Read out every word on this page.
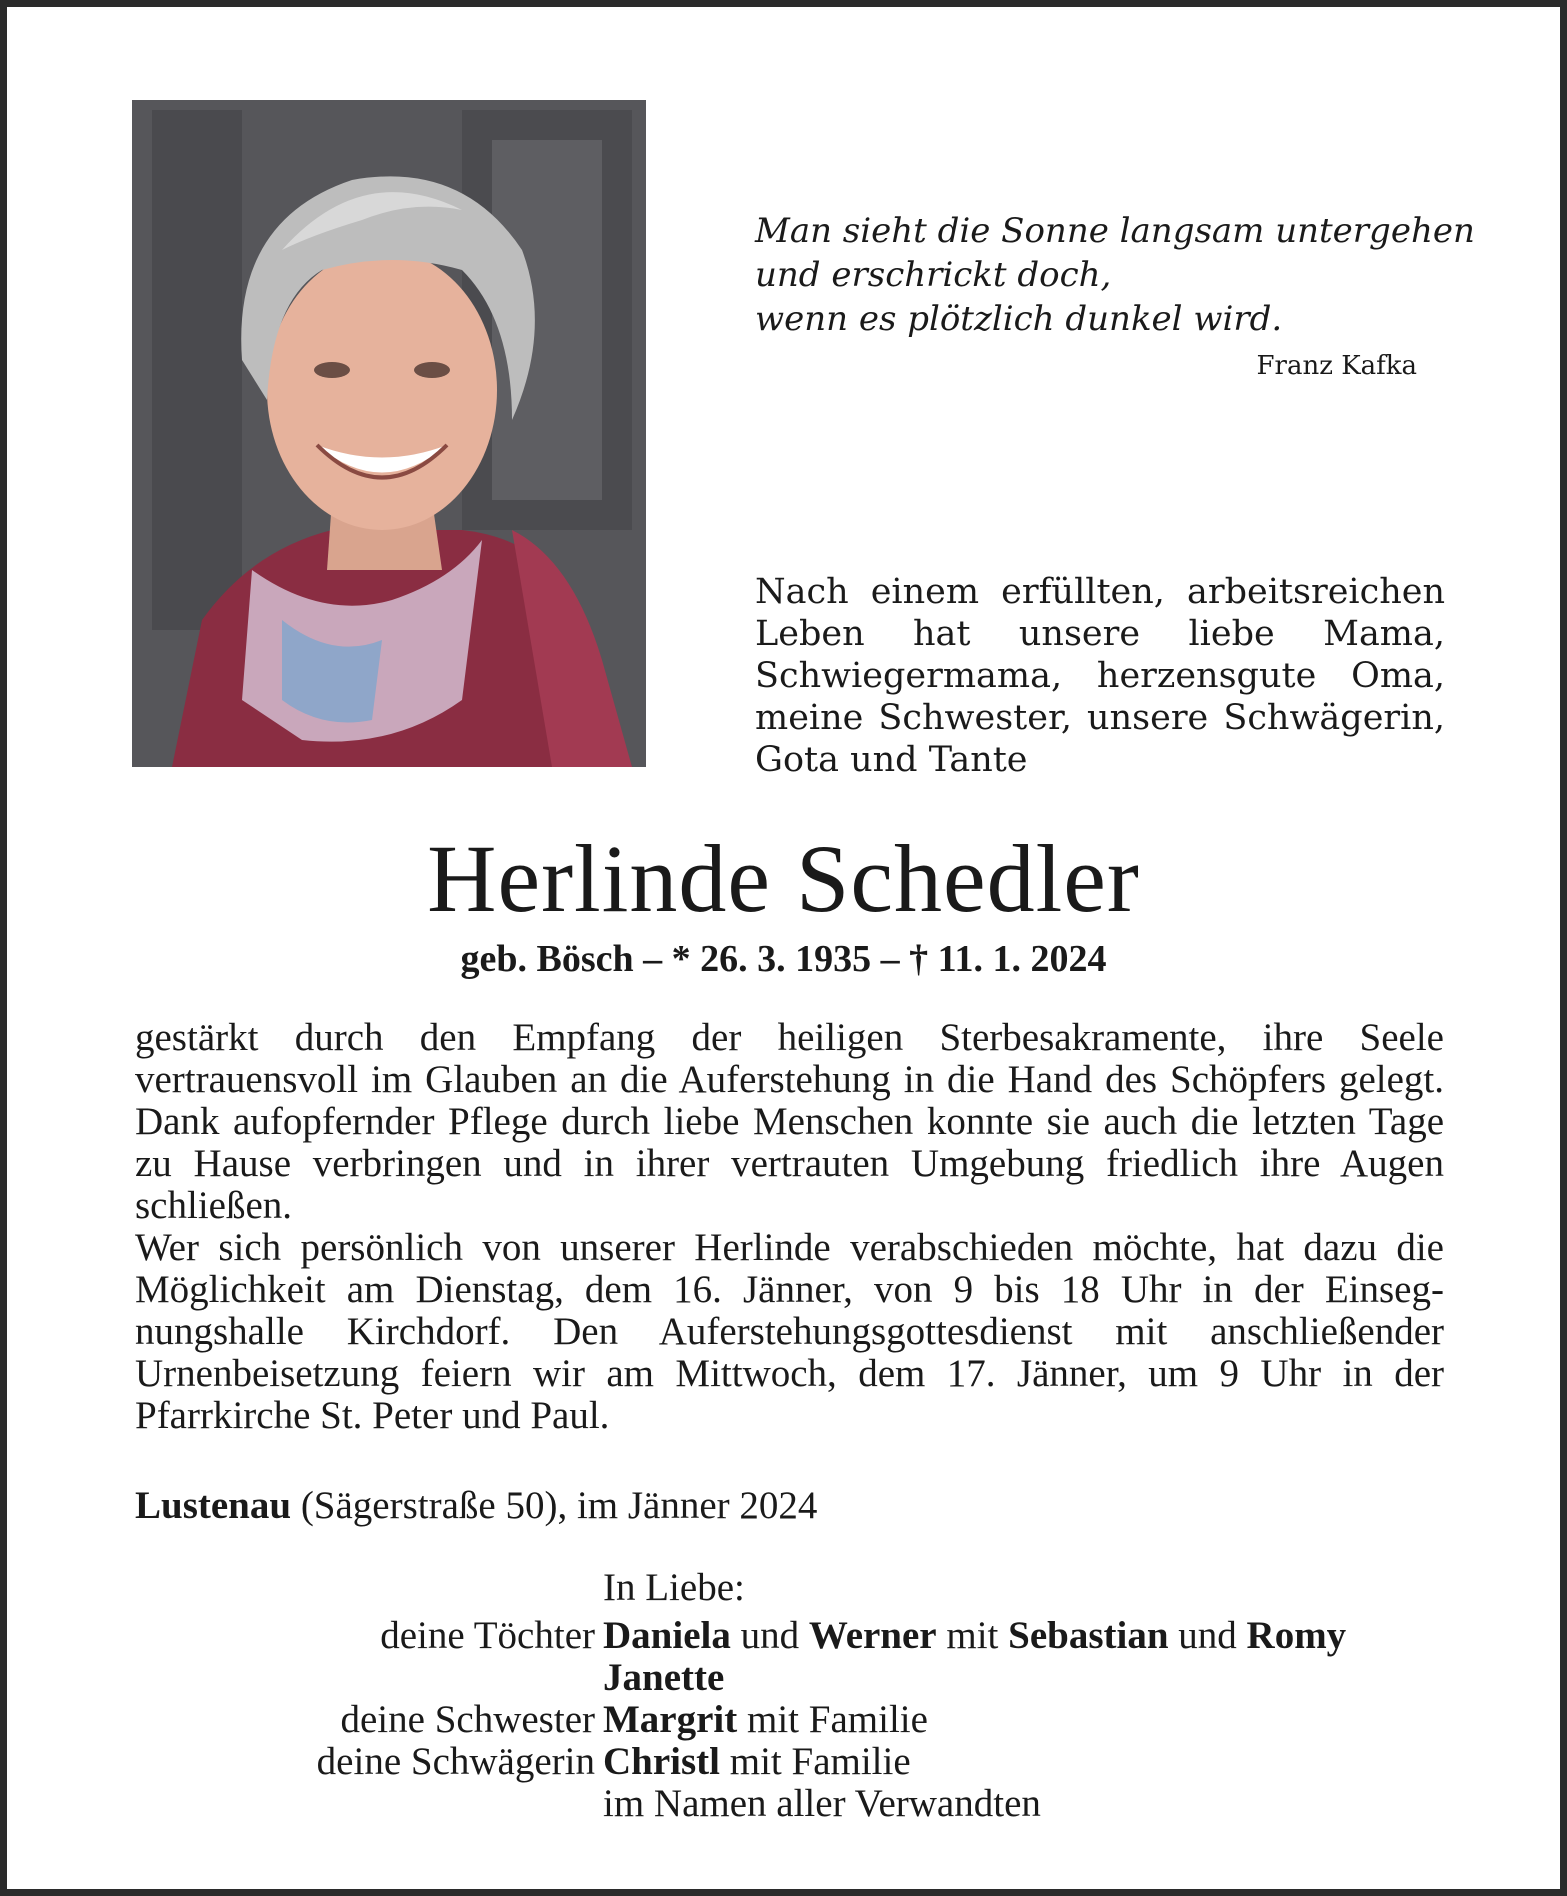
Man sieht die Sonne langsam untergehen
und erschrickt doch,
wenn es plötzlich dunkel wird.
Franz Kafka
Nach einem erfüllten, arbeitsreichen Leben hat unsere liebe Mama, Schwiegermama, herzensgute Oma, meine Schwester, unsere Schwägerin, Gota und Tante
Herlinde Schedler
geb. Bösch – * 26. 3. 1935 – † 11. 1. 2024

gestärkt durch den Empfang der heiligen Sterbesakramente, ihre Seele vertrauensvoll im Glauben an die Auferstehung in die Hand des Schöpfers gelegt. Dank aufopfernder Pflege durch liebe Menschen konnte sie auch die letzten Tage zu Hause verbringen und in ihrer vertrauten Umgebung friedlich ihre Augen schließen.

Wer sich persönlich von unserer Herlinde verabschieden möchte, hat dazu die Möglichkeit am Dienstag, dem 16. Jänner, von 9 bis 18 Uhr in der Einsegnungshalle Kirchdorf. Den Auferstehungsgottesdienst mit anschließender Urnenbeisetzung feiern wir am Mittwoch, dem 17. Jänner, um 9 Uhr in der Pfarrkirche St. Peter und Paul.

Lustenau (Sägerstraße 50), im Jänner 2024
In Liebe:
deine Töchter Daniela und Werner mit Sebastian und Romy
Janette
deine Schwester Margrit mit Familie
deine Schwägerin Christl mit Familie
im Namen aller Verwandten
